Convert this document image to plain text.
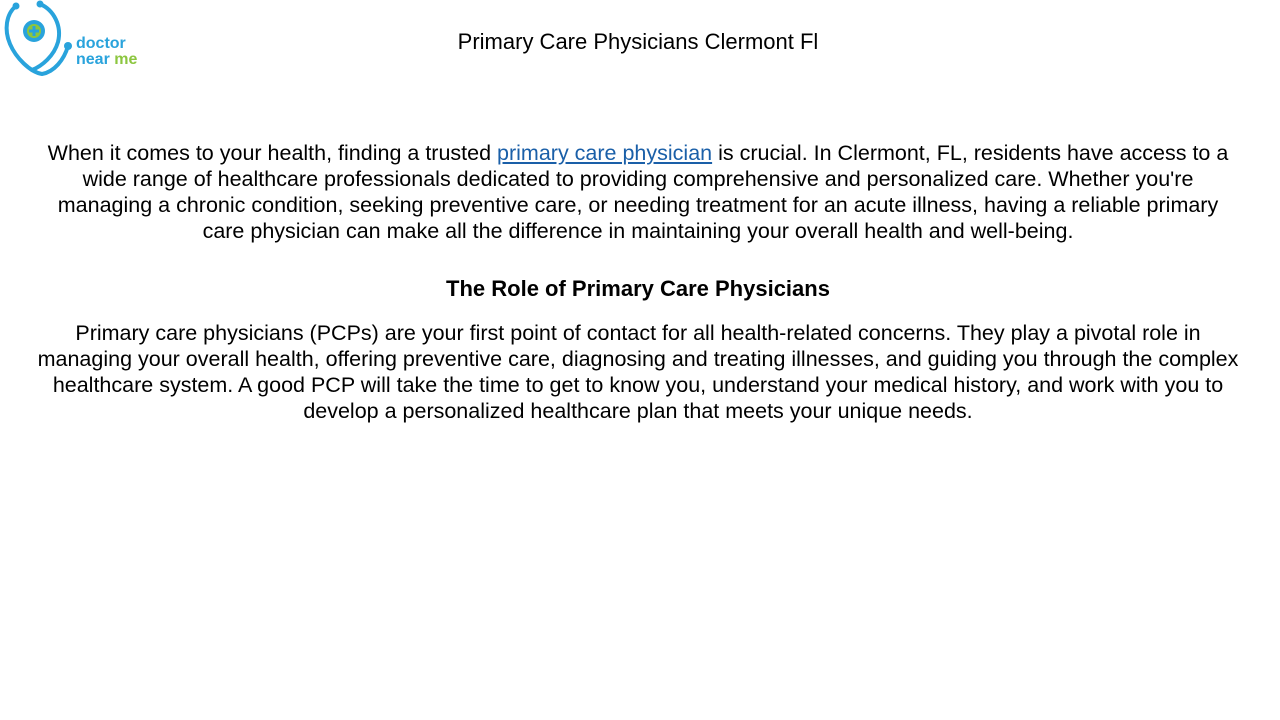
doctor
near me
Primary Care Physicians Clermont Fl

When it comes to your health, finding a trusted primary care physician is crucial. In Clermont, FL, residents have access to a wide range of healthcare professionals dedicated to providing comprehensive and personalized care. Whether you're managing a chronic condition, seeking preventive care, or needing treatment for an acute illness, having a reliable primary care physician can make all the difference in maintaining your overall health and well-being.

The Role of Primary Care Physicians

Primary care physicians (PCPs) are your first point of contact for all health-related concerns. They play a pivotal role in managing your overall health, offering preventive care, diagnosing and treating illnesses, and guiding you through the complex healthcare system. A good PCP will take the time to get to know you, understand your medical history, and work with you to develop a personalized healthcare plan that meets your unique needs.
